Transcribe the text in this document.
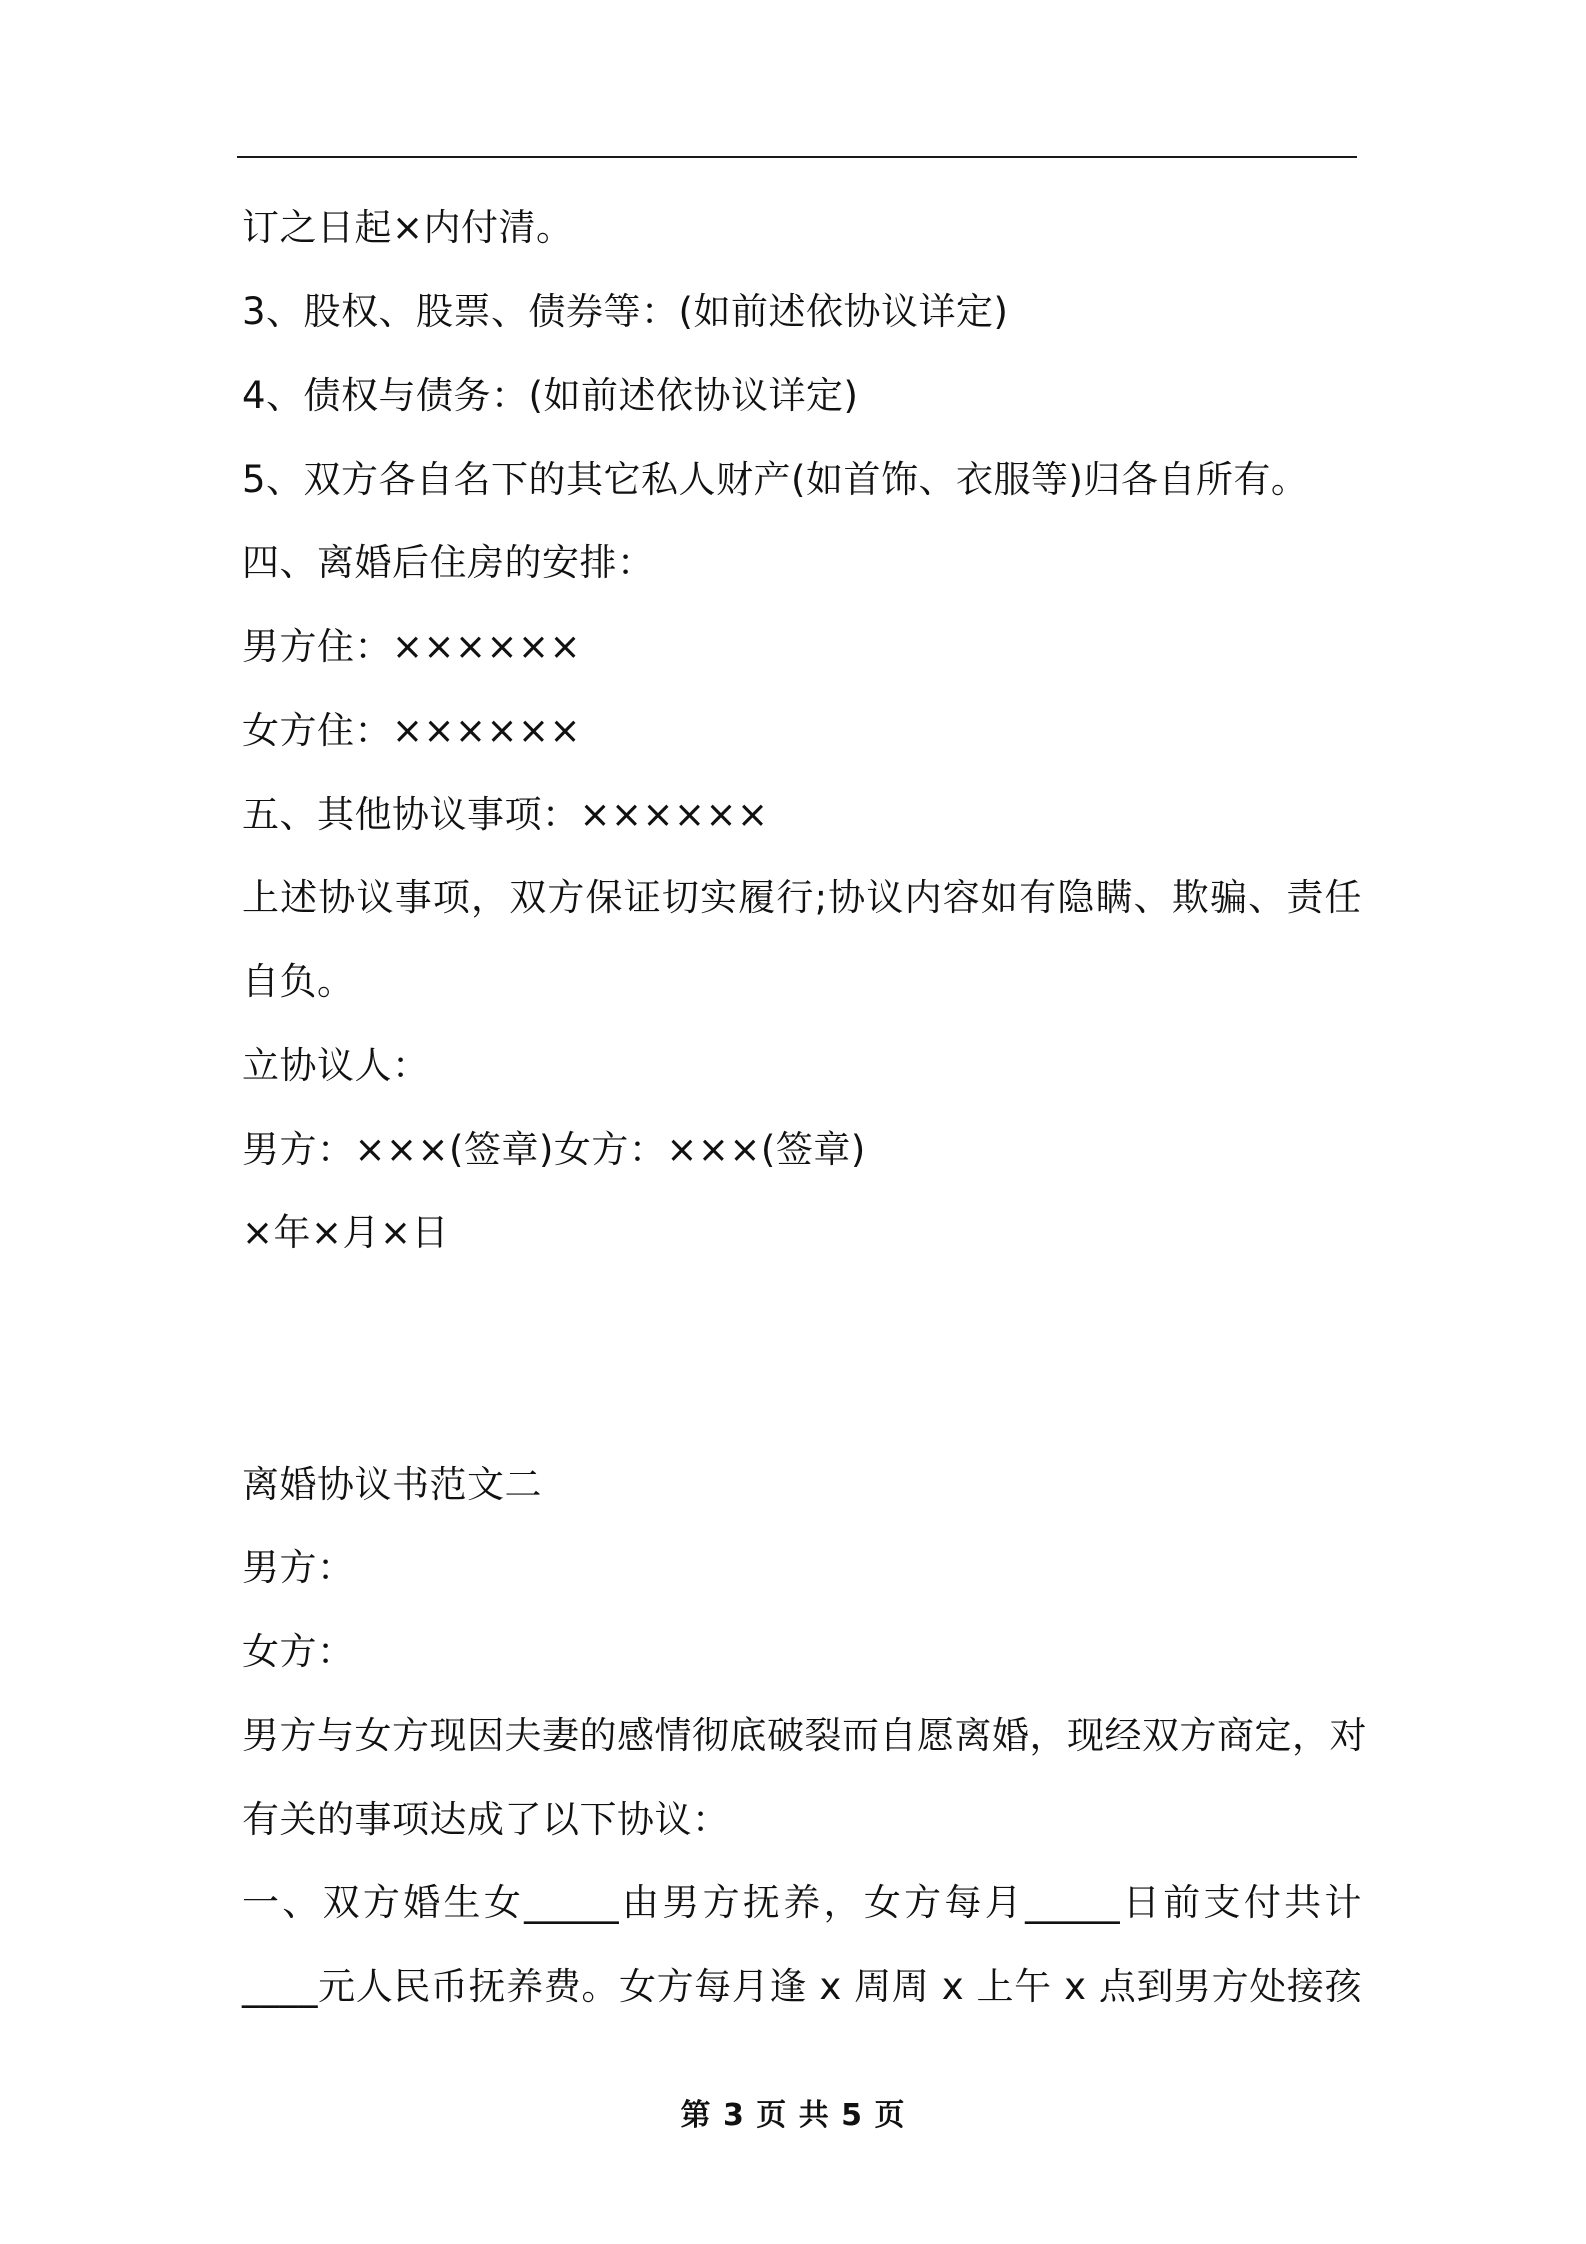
订之日起×内付清。
3、股权、股票、债券等：(如前述依协议详定)
4、债权与债务：(如前述依协议详定)
5、双方各自名下的其它私人财产(如首饰、衣服等)归各自所有。
四、离婚后住房的安排：
男方住：××××××
女方住：××××××
五、其他协议事项：××××××
上述协议事项，双方保证切实履行;协议内容如有隐瞒、欺骗、责任
自负。
立协议人：
男方：×××(签章)女方：×××(签章)
×年×月×日
离婚协议书范文二
男方：
女方：
男方与女方现因夫妻的感情彻底破裂而自愿离婚，现经双方商定，对
有关的事项达成了以下协议：
一、双方婚生女_____由男方抚养，女方每月_____日前支付共计
____元人民币抚养费。女方每月逢 x 周周 x 上午 x 点到男方处接孩
第 3 页 共 5 页
